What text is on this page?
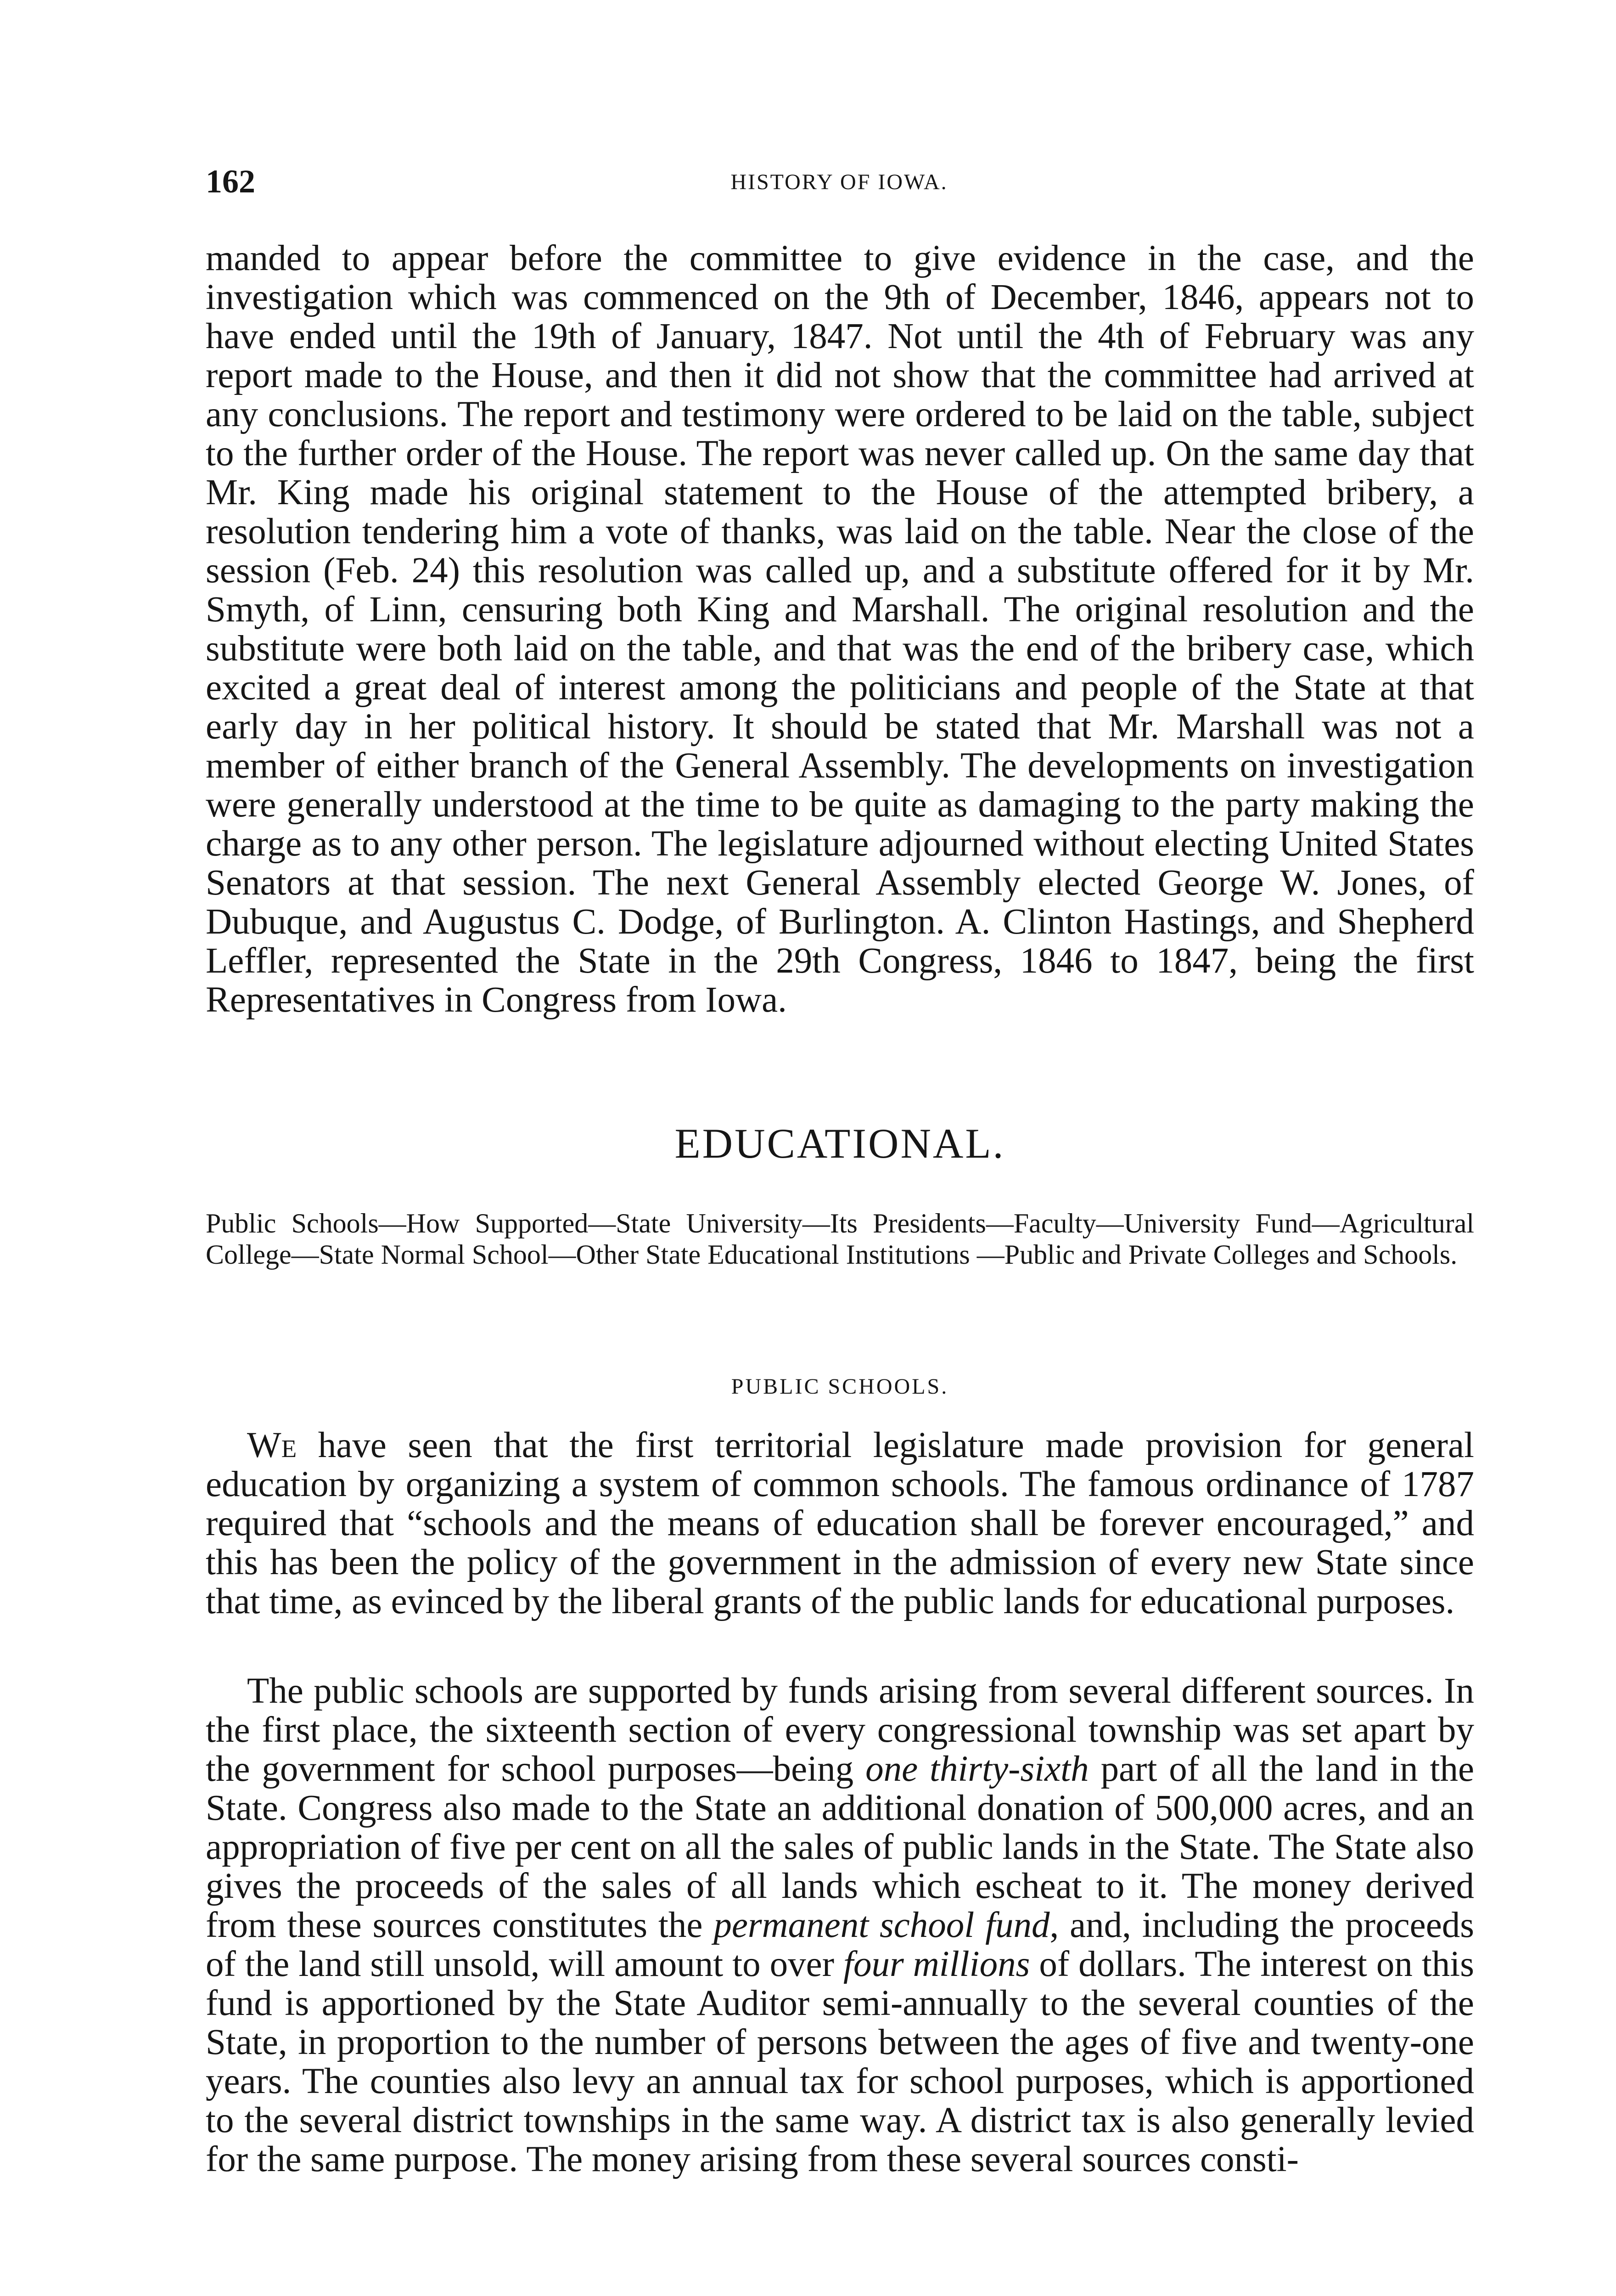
162	HISTORY OF IOWA.

manded to appear before the committee to give evidence in the case, and the investigation which was commenced on the 9th of December, 1846, appears not to have ended until the 19th of January, 1847. Not until the 4th of February was any report made to the House, and then it did not show that the committee had arrived at any conclusions. The report and testimony were ordered to be laid on the table, subject to the further order of the House. The report was never called up. On the same day that Mr. King made his original statement to the House of the attempted bribery, a resolution tendering him a vote of thanks, was laid on the table. Near the close of the session (Feb. 24) this resolution was called up, and a substitute offered for it by Mr. Smyth, of Linn, censuring both King and Marshall. The original resolution and the substitute were both laid on the table, and that was the end of the bribery case, which excited a great deal of interest among the politicians and people of the State at that early day in her political history. It should be stated that Mr. Marshall was not a member of either branch of the General Assembly. The developments on investigation were generally understood at the time to be quite as damaging to the party making the charge as to any other person. The legislature adjourned without electing United States Senators at that session. The next General Assembly elected George W. Jones, of Dubuque, and Augustus C. Dodge, of Burlington. A. Clinton Hastings, and Shepherd Leffler, represented the State in the 29th Congress, 1846 to 1847, being the first Representatives in Congress from Iowa.

EDUCATIONAL.

Public Schools—How Supported—State University—Its Presidents—Faculty—University Fund—Agricultural College—State Normal School—Other State Educational Institutions —Public and Private Colleges and Schools.

PUBLIC SCHOOLS.

We have seen that the first territorial legislature made provision for general education by organizing a system of common schools. The famous ordinance of 1787 required that “schools and the means of education shall be forever encouraged,” and this has been the policy of the government in the admission of every new State since that time, as evinced by the liberal grants of the public lands for educational purposes.

The public schools are supported by funds arising from several different sources. In the first place, the sixteenth section of every congressional township was set apart by the government for school purposes—being one thirty-sixth part of all the land in the State. Congress also made to the State an additional donation of 500,000 acres, and an appropriation of five per cent on all the sales of public lands in the State. The State also gives the proceeds of the sales of all lands which escheat to it. The money derived from these sources constitutes the permanent school fund, and, including the proceeds of the land still unsold, will amount to over four millions of dollars. The interest on this fund is apportioned by the State Auditor semi-annually to the several counties of the State, in proportion to the number of persons between the ages of five and twenty-one years. The counties also levy an annual tax for school purposes, which is apportioned to the several district townships in the same way. A district tax is also generally levied for the same purpose. The money arising from these several sources consti-
